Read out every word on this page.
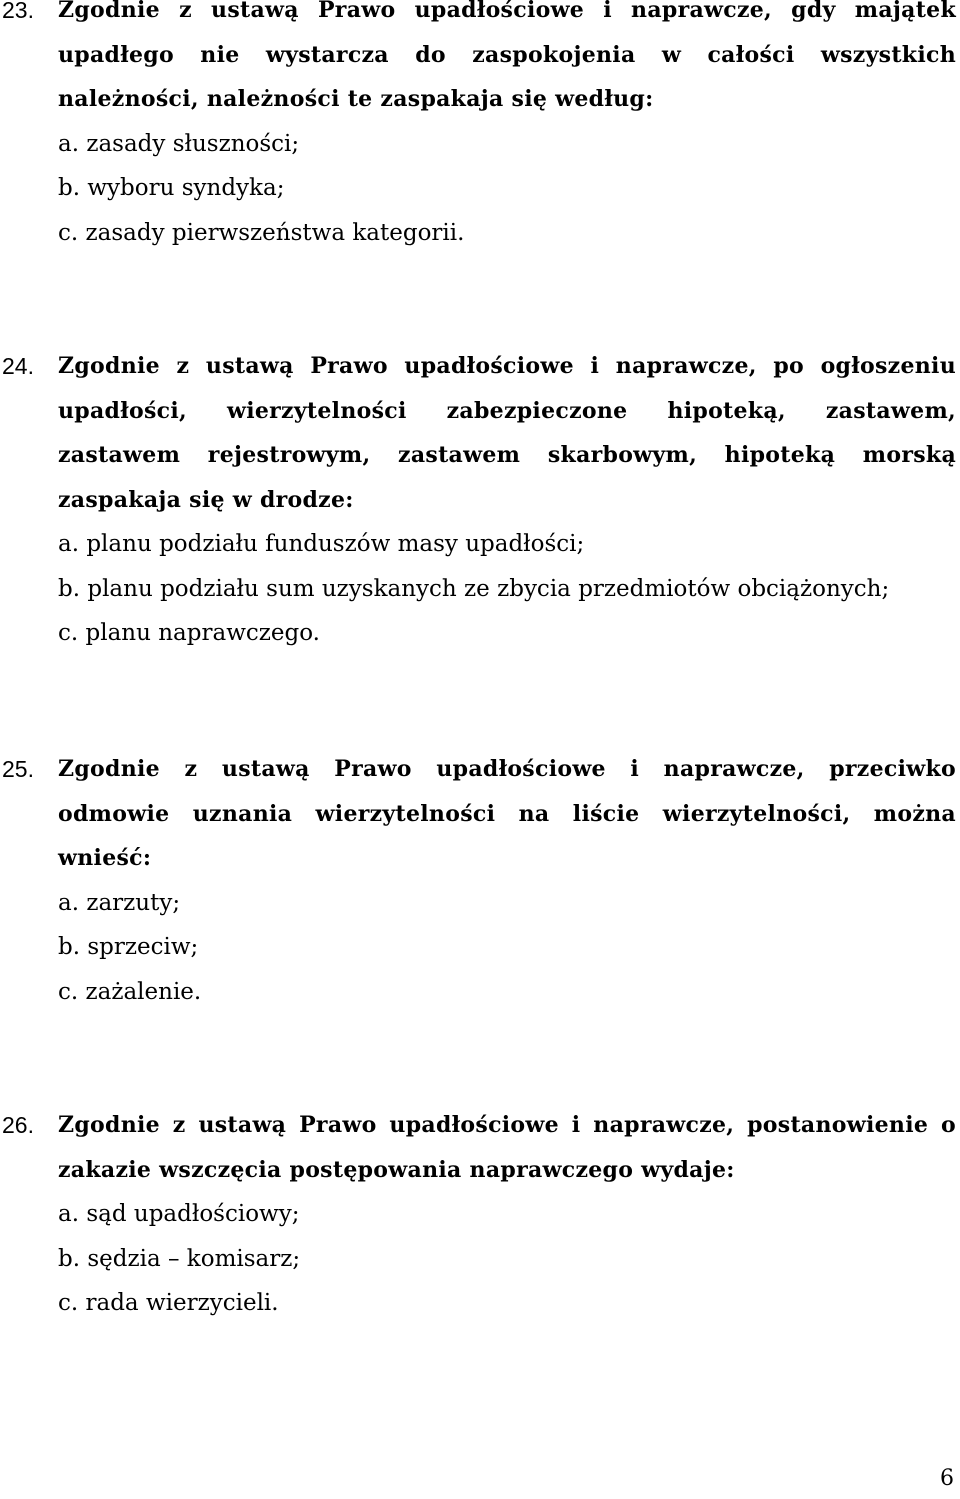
23. Zgodnie z ustawą Prawo upadłościowe i naprawcze, gdy majątek upadłego nie wystarcza do zaspokojenia w całości wszystkich należności, należności te zaspakaja się według:
a. zasady słuszności;
b. wyboru syndyka;
c. zasady pierwszeństwa kategorii.
24. Zgodnie z ustawą Prawo upadłościowe i naprawcze, po ogłoszeniu upadłości, wierzytelności zabezpieczone hipoteką, zastawem, zastawem rejestrowym, zastawem skarbowym, hipoteką morską zaspakaja się w drodze:
a. planu podziału funduszów masy upadłości;
b. planu podziału sum uzyskanych ze zbycia przedmiotów obciążonych;
c. planu naprawczego.
25. Zgodnie z ustawą Prawo upadłościowe i naprawcze, przeciwko odmowie uznania wierzytelności na liście wierzytelności, można wnieść:
a. zarzuty;
b. sprzeciw;
c. zażalenie.
26. Zgodnie z ustawą Prawo upadłościowe i naprawcze, postanowienie o zakazie wszczęcia postępowania naprawczego wydaje:
a. sąd upadłościowy;
b. sędzia – komisarz;
c. rada wierzycieli.
6
